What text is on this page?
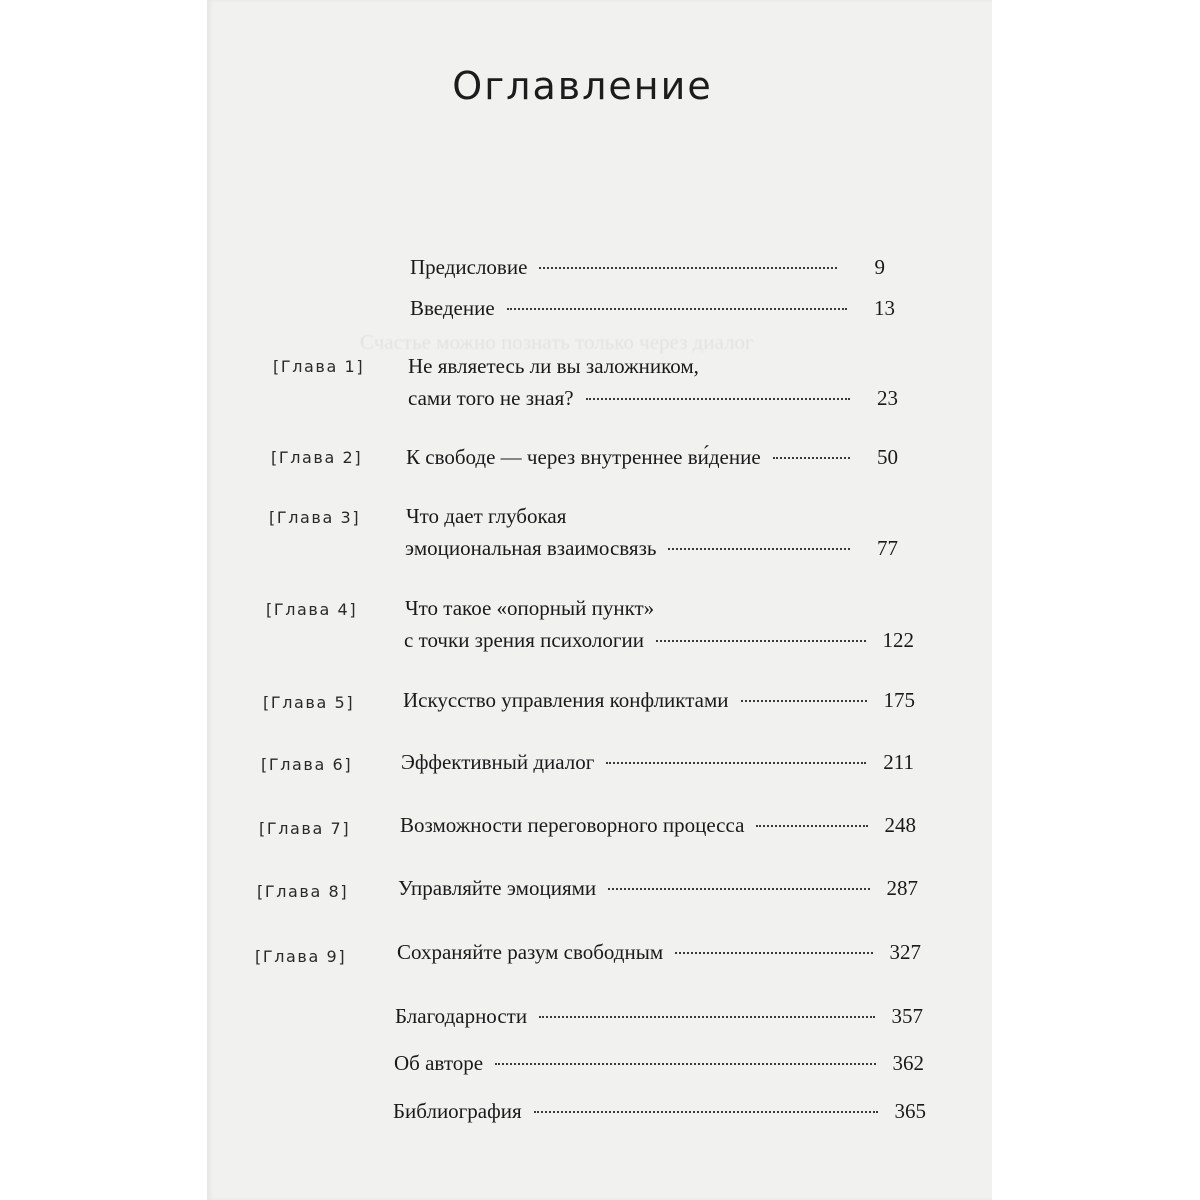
Счастье можно познать только через диалог
Оглавление
Предисловие	9
Введение	13
[Глава 1] Не являетесь ли вы заложником,
сами того не зная?	23
[Глава 2] К свободе — через внутреннее ви́дение	50
[Глава 3] Что дает глубокая
эмоциональная взаимосвязь	77
[Глава 4] Что такое «опорный пункт»
с точки зрения психологии	122
[Глава 5] Искусство управления конфликтами	175
[Глава 6] Эффективный диалог	211
[Глава 7] Возможности переговорного процесса	248
[Глава 8] Управляйте эмоциями	287
[Глава 9] Сохраняйте разум свободным	327
Благодарности	357
Об авторе	362
Библиография	365
